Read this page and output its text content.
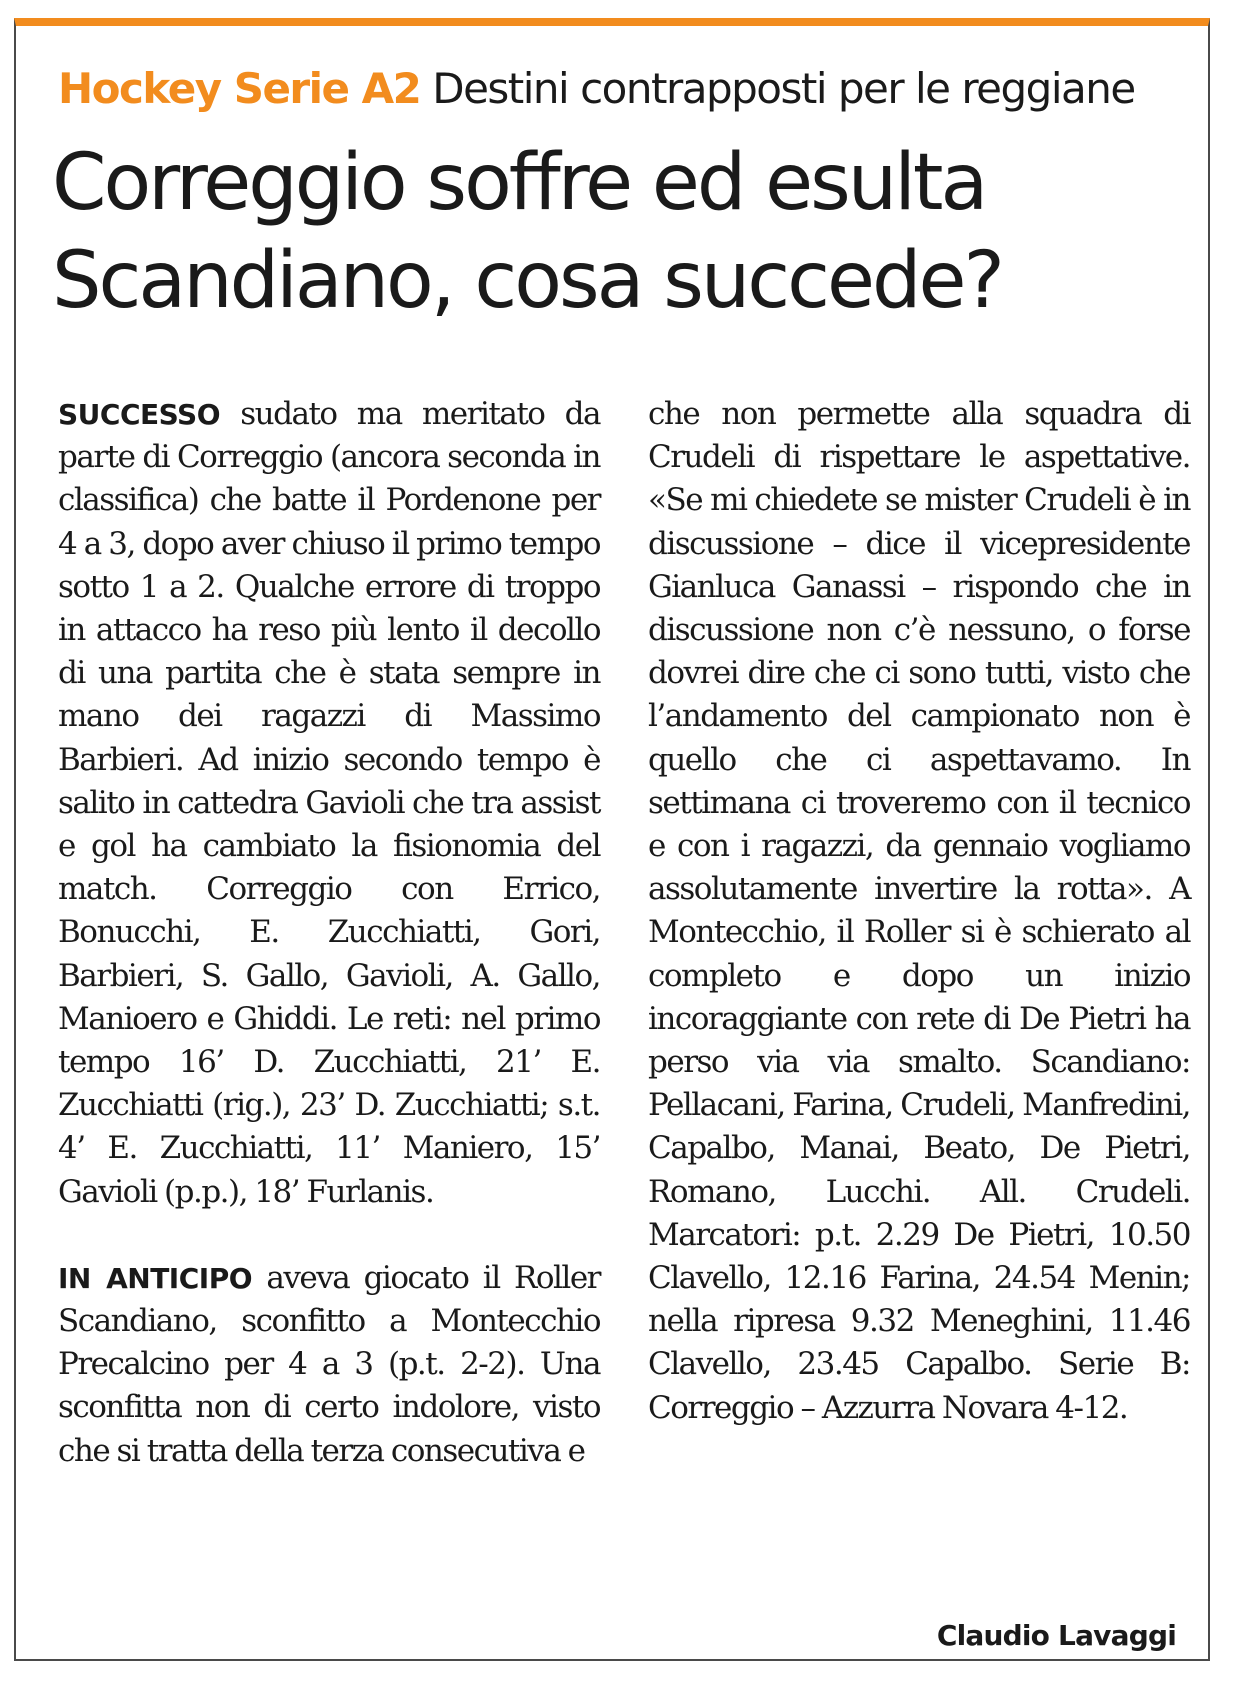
Hockey Serie A2 Destini contrapposti per le reggiane
Correggio soffre ed esulta
Scandiano, cosa succede?

SUCCESSO sudato ma meritato da parte di Correggio (ancora seconda in classifica) che batte il Pordenone per 4 a 3, dopo aver chiuso il primo tempo sotto 1 a 2. Qualche errore di troppo in attacco ha reso più lento il decollo di una partita che è stata sempre in mano dei ragazzi di Massimo Barbieri. Ad inizio secondo tempo è salito in cattedra Gavioli che tra assist e gol ha cambiato la fisionomia del match. Correggio con Errico, Bonucchi, E. Zucchiatti, Gori, Barbieri, S. Gallo, Gavioli, A. Gallo, Manioero e Ghiddi. Le reti: nel primo tempo 16’ D. Zucchiatti, 21’ E. Zucchiatti (rig.), 23’ D. Zucchiatti; s.t. 4’ E. Zucchiatti, 11’ Maniero, 15’ Gavioli (p.p.), 18’ Furlanis.

IN ANTICIPO aveva giocato il Roller Scandiano, sconfitto a Montecchio Precalcino per 4 a 3 (p.t. 2-2). Una sconfitta non di certo indolore, visto che si tratta della terza consecutiva e

che non permette alla squadra di Crudeli di rispettare le aspettative. «Se mi chiedete se mister Crudeli è in discussione – dice il vicepresidente Gianluca Ganassi – rispondo che in discussione non c’è nessuno, o forse dovrei dire che ci sono tutti, visto che l’andamento del campionato non è quello che ci aspettavamo. In settimana ci troveremo con il tecnico e con i ragazzi, da gennaio vogliamo assolutamente invertire la rotta». A Montecchio, il Roller si è schierato al completo e dopo un inizio incoraggiante con rete di De Pietri ha perso via via smalto. Scandiano: Pellacani, Farina, Crudeli, Manfredini, Capalbo, Manai, Beato, De Pietri, Romano, Lucchi. All. Crudeli. Marcatori: p.t. 2.29 De Pietri, 10.50 Clavello, 12.16 Farina, 24.54 Menin; nella ripresa 9.32 Meneghini, 11.46 Clavello, 23.45 Capalbo. Serie B: Correggio – Azzurra Novara 4-12.

Claudio Lavaggi
